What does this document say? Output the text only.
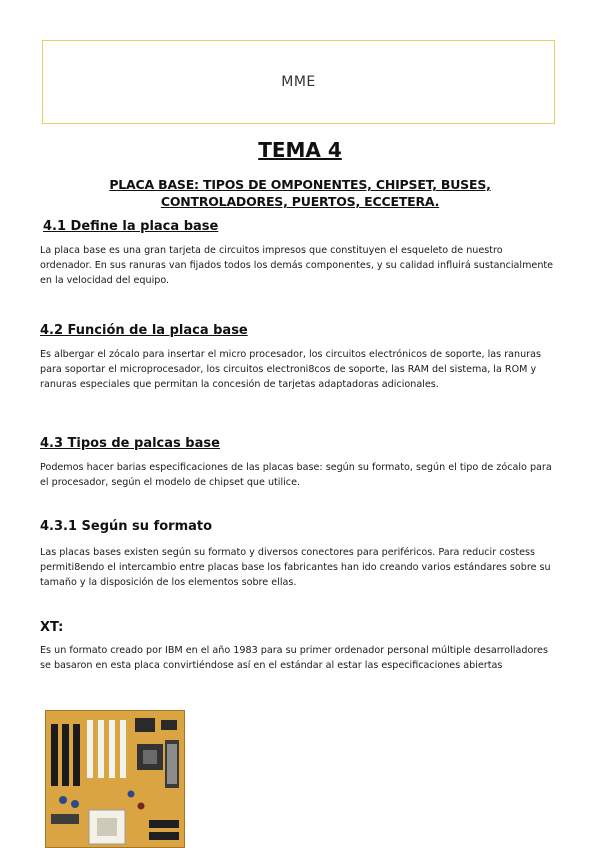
MME
TEMA 4

PLACA BASE: TIPOS DE OMPONENTES, CHIPSET, BUSES, CONTROLADORES, PUERTOS, ECCETERA.

4.1 Define la placa base

La placa base es una gran tarjeta de circuitos impresos que constituyen el esqueleto de nuestro ordenador. En sus ranuras van fijados todos los demás componentes, y su calidad influirá sustancialmente en la velocidad del equipo.

4.2 Función de la placa base

Es albergar el zócalo para insertar el micro procesador, los circuitos electrónicos de soporte, las ranuras para soportar el microprocesador, los circuitos electroni8cos de soporte, las RAM del sistema, la ROM y ranuras especiales que permitan la concesión de tarjetas adaptadoras adicionales.

4.3 Tipos de palcas base

Podemos hacer barias especificaciones de las placas base: según su formato, según el tipo de zócalo para el procesador, según el modelo de chipset que utilice.

4.3.1 Según su formato

Las placas bases existen según su formato y diversos conectores para periféricos. Para reducir costess permiti8endo el intercambio entre placas base los fabricantes han ido creando varios estándares sobre su tamaño y la disposición de los elementos sobre ellas.

XT:

Es un formato creado por IBM en el año 1983 para su primer ordenador personal múltiple desarrolladores se basaron en esta placa convirtiéndose así en el estándar al estar las especificaciones abiertas
